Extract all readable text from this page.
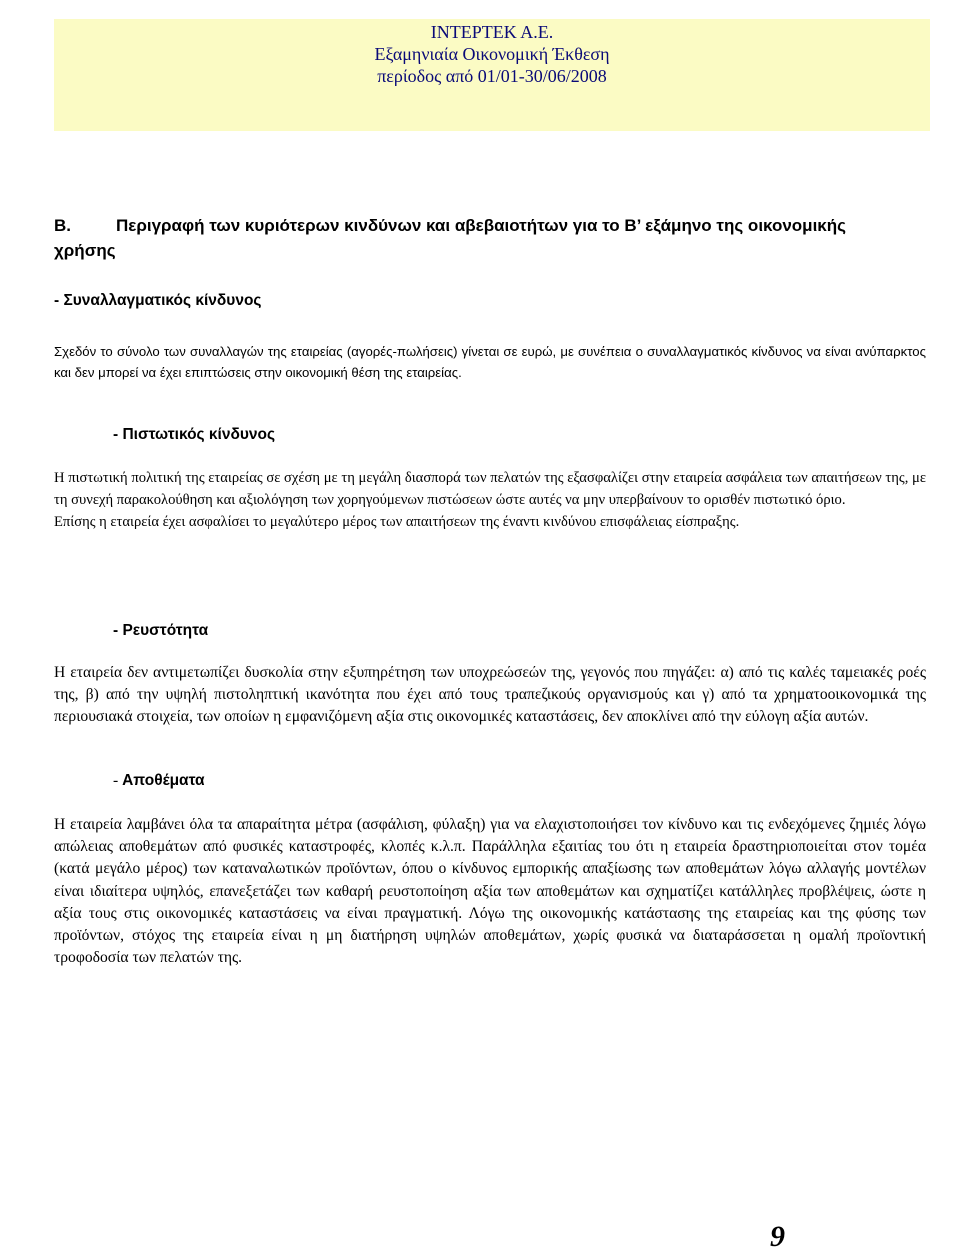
ΙΝΤΕΡΤΕΚ Α.Ε.
Εξαμηνιαία Οικονομική Έκθεση
περίοδος από 01/01-30/06/2008
Β.	Περιγραφή των κυριότερων κινδύνων και αβεβαιοτήτων για το Β’ εξάμηνο της οικονομικής χρήσης
- Συναλλαγματικός κίνδυνος

Σχεδόν το σύνολο των συναλλαγών της εταιρείας (αγορές-πωλήσεις) γίνεται σε ευρώ, με συνέπεια ο συναλλαγματικός κίνδυνος να είναι ανύπαρκτος και δεν μπορεί να έχει επιπτώσεις στην οικονομική θέση της εταιρείας.

- Πιστωτικός κίνδυνος

Η πιστωτική πολιτική της εταιρείας σε σχέση με τη μεγάλη διασπορά των πελατών της εξασφαλίζει στην εταιρεία ασφάλεια των απαιτήσεων της, με τη συνεχή παρακολούθηση και αξιολόγηση των χορηγούμενων πιστώσεων ώστε αυτές να μην υπερβαίνουν το ορισθέν πιστωτικό όριο.

Επίσης η εταιρεία έχει ασφαλίσει το μεγαλύτερο μέρος των απαιτήσεων της έναντι κινδύνου επισφάλειας είσπραξης.

- Ρευστότητα

Η εταιρεία δεν αντιμετωπίζει δυσκολία στην εξυπηρέτηση των υποχρεώσεών της, γεγονός που πηγάζει: α) από τις καλές ταμειακές ροές της, β) από την υψηλή πιστοληπτική ικανότητα που έχει από τους τραπεζικούς οργανισμούς και γ) από τα χρηματοοικονομικά της περιουσιακά στοιχεία, των οποίων η εμφανιζόμενη αξία στις οικονομικές καταστάσεις, δεν αποκλίνει από την εύλογη αξία αυτών.

- Αποθέματα

Η εταιρεία λαμβάνει όλα τα απαραίτητα μέτρα (ασφάλιση, φύλαξη) για να ελαχιστοποιήσει τον κίνδυνο και τις ενδεχόμενες ζημιές λόγω απώλειας αποθεμάτων από φυσικές καταστροφές, κλοπές κ.λ.π. Παράλληλα εξαιτίας του ότι η εταιρεία δραστηριοποιείται στον τομέα (κατά μεγάλο μέρος) των καταναλωτικών προϊόντων, όπου ο κίνδυνος εμπορικής απαξίωσης των αποθεμάτων λόγω αλλαγής μοντέλων είναι ιδιαίτερα υψηλός, επανεξετάζει των καθαρή ρευστοποίηση αξία των αποθεμάτων και σχηματίζει κατάλληλες προβλέψεις, ώστε η αξία τους στις οικονομικές καταστάσεις να είναι πραγματική. Λόγω της οικονομικής κατάστασης της εταιρείας και της φύσης των προϊόντων, στόχος της εταιρεία είναι η μη διατήρηση υψηλών αποθεμάτων, χωρίς φυσικά να διαταράσσεται η ομαλή προϊοντική τροφοδοσία των πελατών της.

9
